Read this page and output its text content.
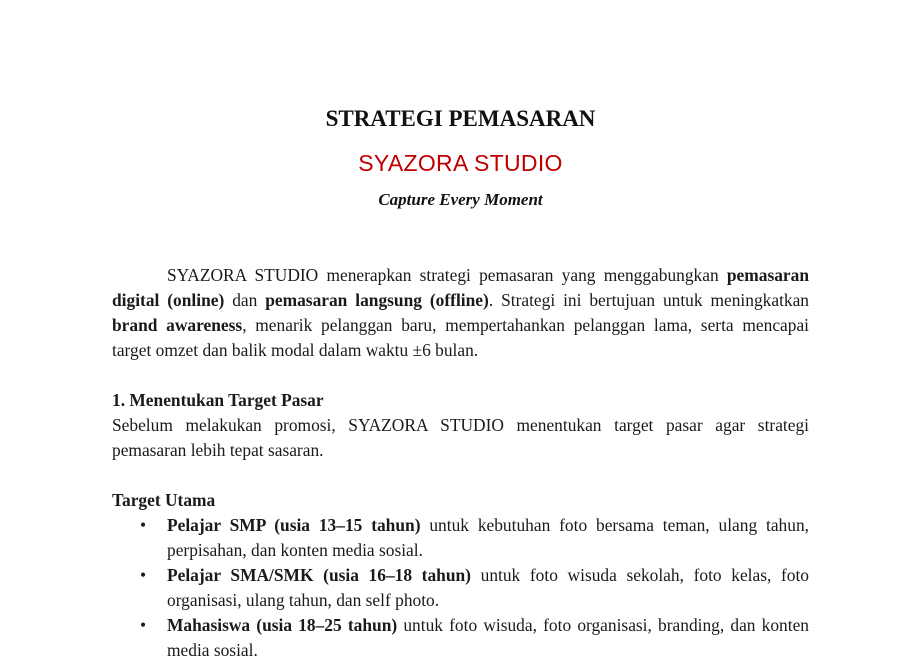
STRATEGI PEMASARAN
SYAZORA STUDIO
Capture Every Moment
SYAZORA STUDIO menerapkan strategi pemasaran yang menggabungkan pemasaran digital (online) dan pemasaran langsung (offline). Strategi ini bertujuan untuk meningkatkan brand awareness, menarik pelanggan baru, mempertahankan pelanggan lama, serta mencapai target omzet dan balik modal dalam waktu ±6 bulan.
1. Menentukan Target Pasar
Sebelum melakukan promosi, SYAZORA STUDIO menentukan target pasar agar strategi pemasaran lebih tepat sasaran.
Target Utama
• Pelajar SMP (usia 13–15 tahun) untuk kebutuhan foto bersama teman, ulang tahun, perpisahan, dan konten media sosial.
• Pelajar SMA/SMK (usia 16–18 tahun) untuk foto wisuda sekolah, foto kelas, foto organisasi, ulang tahun, dan self photo.
• Mahasiswa (usia 18–25 tahun) untuk foto wisuda, foto organisasi, branding, dan konten media sosial.
